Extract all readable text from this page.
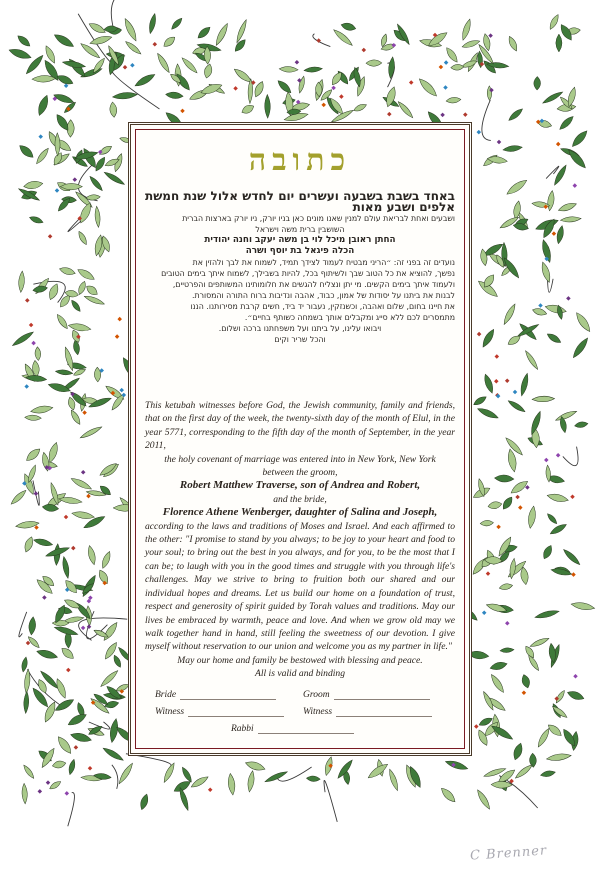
כתובה
באחד בשבת בשבעה ועשרים יום לחדש אלול שנת חמשת אלפים ושבע מאות
ושבעים ואחת לבריאת עולם למנין שאנו מונים כאן בניו יורק, ניו יורק בארצות הברית
השושבין ברית משה וישראל
החתן ראובן מיכל לוי בן משה יעקב וחנה יהודית
הכלה פיגאל בת יוסף ושרה
נועדים זה בפני זה: ״הריני מבטיח לעמוד לצידך תמיד, לשמוח את לבך ולהזין את
נפשך, להוציא את כל הטוב שבך ולשיתוף בכל, להיות בשבילך, לשמוח איתך בימים הטובים
ולעמוד איתך בימים הקשים. מי יתן ונצליח להגשים את חלומותינו המשותפים והפרטיים,
לבנות את ביתנו על יסודות של אמון, כבוד, אהבה ונדיבות ברוח התורה והמסורת.
את חיינו בחום, שלום ואהבה, וכשנזקין, נעבור יד ביד, חשים קרבת מסירותנו. הננו
מתמסרים לכם ללא סייג ומקבלים אותך בשמחה כשותף בחיים״.
ויבואו עלינו, על ביתנו ועל משפחתנו ברכה ושלום.
והכל שריר וקים

This ketubah witnesses before God, the Jewish community, family and friends, that on the first day of the week, the twenty-sixth day of the month of Elul, in the year 5771, corresponding to the fifth day of the month of September, in the year 2011,

the holy covenant of marriage was entered into in New York, New York

between the groom,

Robert Matthew Traverse, son of Andrea and Robert,

and the bride,

Florence Athene Wenberger, daughter of Salina and Joseph,

according to the laws and traditions of Moses and Israel. And each affirmed to the other: "I promise to stand by you always; to be joy to your heart and food to your soul; to bring out the best in you always, and for you, to be the most that I can be; to laugh with you in the good times and struggle with you through life's challenges. May we strive to bring to fruition both our shared and our individual hopes and dreams. Let us build our home on a foundation of trust, respect and generosity of spirit guided by Torah values and traditions. May our lives be embraced by warmth, peace and love. And when we grow old may we walk together hand in hand, still feeling the sweetness of our devotion. I give myself without reservation to our union and welcome you as my partner in life."

May our home and family be bestowed with blessing and peace.

All is valid and binding

Bride	Groom
Witness	Witness
Rabbi
C Brenner
